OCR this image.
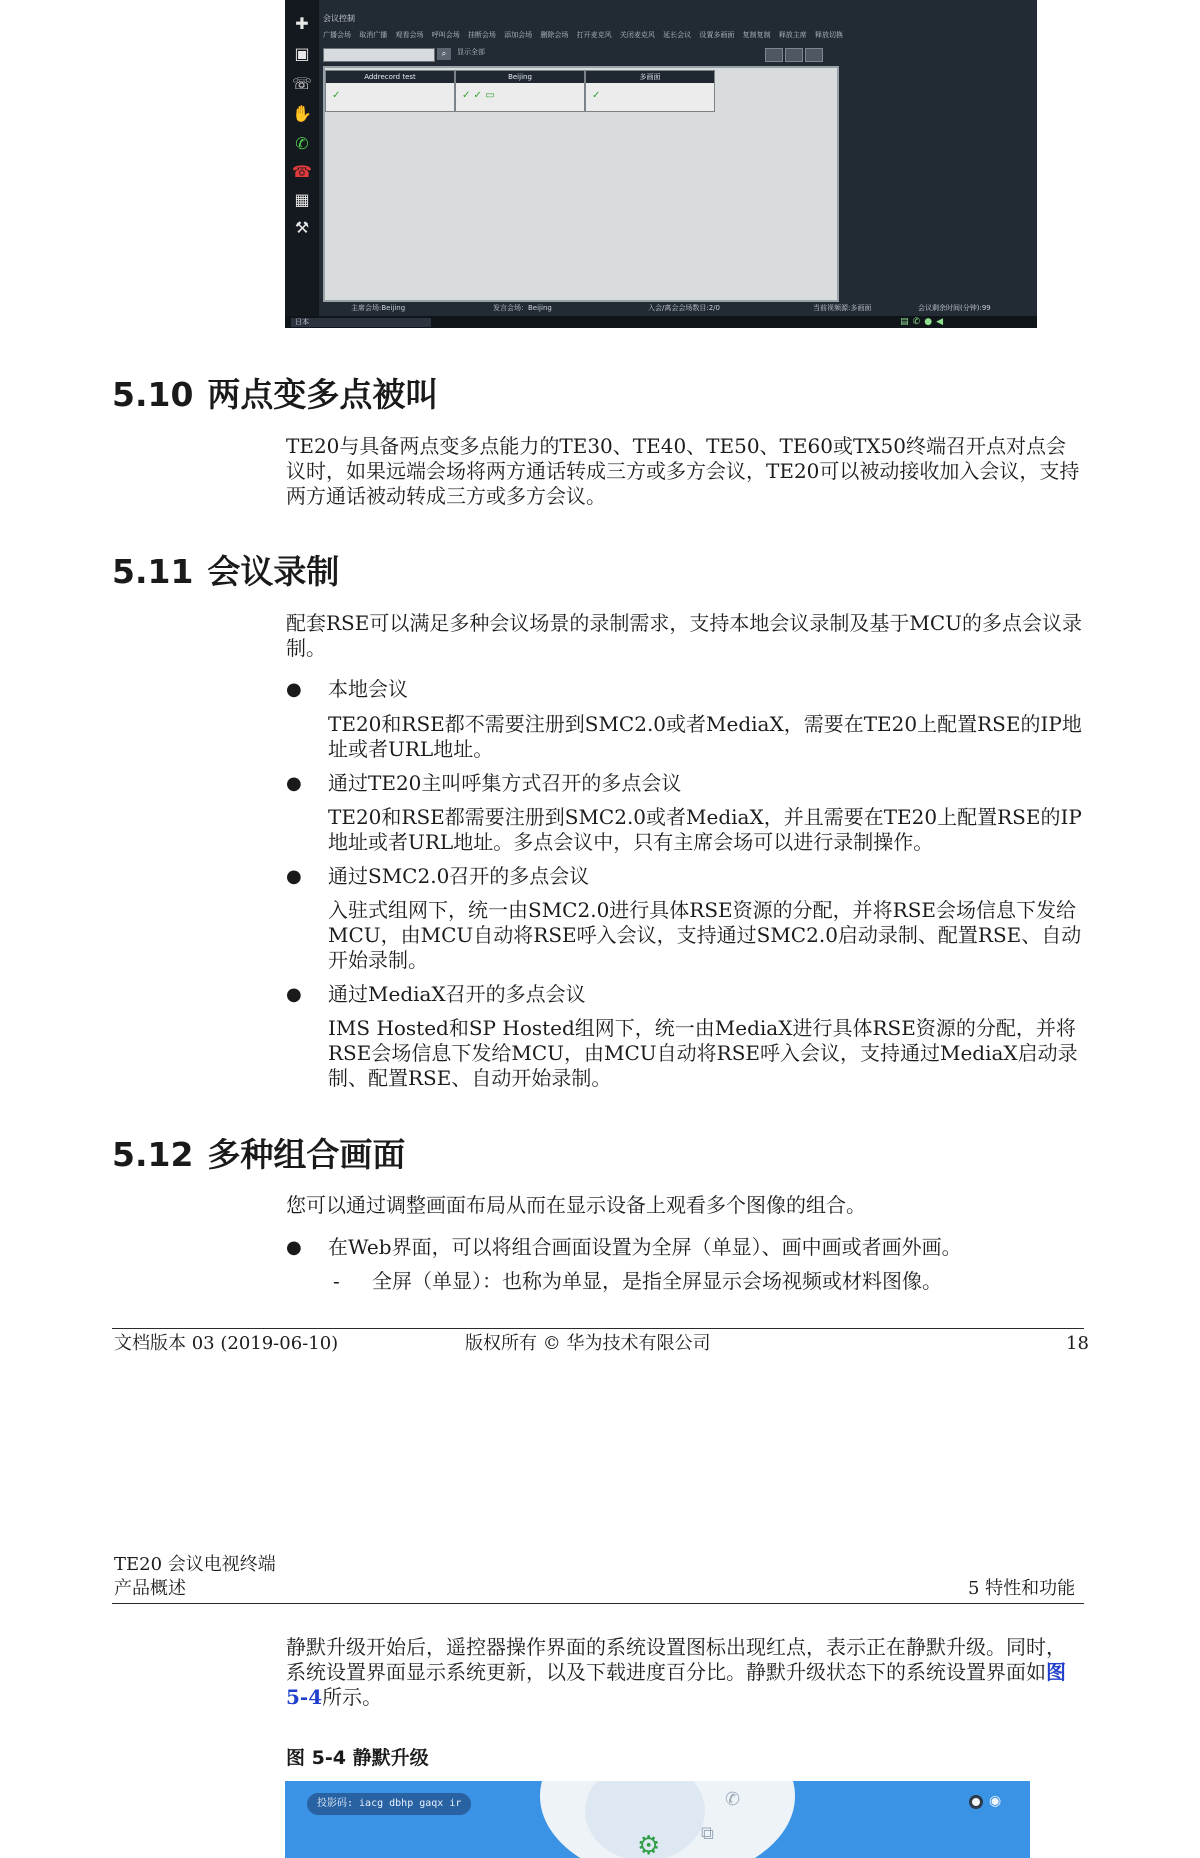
✚
▣
☏
✋
✆
☎
▦
⚒
会议控制
广播会场 取消广播 观看会场 呼叫会场 挂断会场 添加会场 删除会场 打开麦克风 关闭麦克风 延长会议 设置多画面 复制复制 释放主席 释放切换
⌕	显示全部
Addrecord test
✓
Beijing
✓ ✓ ▭
多画面
✓
主席会场:Beijing	发言会场：Beijing	入会/离会会场数目:2/0	当前视频源:多画面	会议剩余时间(分钟):99
日本	▤✆●◀
5.10 两点变多点被叫
TE20与具备两点变多点能力的TE30、TE40、TE50、TE60或TX50终端召开点对点会议时，如果远端会场将两方通话转成三方或多方会议，TE20可以被动接收加入会议，支持两方通话被动转成三方或多方会议。
5.11 会议录制
配套RSE可以满足多种会议场景的录制需求，支持本地会议录制及基于MCU的多点会议录制。
● 本地会议
TE20和RSE都不需要注册到SMC2.0或者MediaX，需要在TE20上配置RSE的IP地址或者URL地址。
● 通过TE20主叫呼集方式召开的多点会议
TE20和RSE都需要注册到SMC2.0或者MediaX，并且需要在TE20上配置RSE的IP地址或者URL地址。多点会议中，只有主席会场可以进行录制操作。
● 通过SMC2.0召开的多点会议
入驻式组网下，统一由SMC2.0进行具体RSE资源的分配，并将RSE会场信息下发给MCU，由MCU自动将RSE呼入会议，支持通过SMC2.0启动录制、配置RSE、自动开始录制。
● 通过MediaX召开的多点会议
IMS Hosted和SP Hosted组网下，统一由MediaX进行具体RSE资源的分配，并将RSE会场信息下发给MCU，由MCU自动将RSE呼入会议，支持通过MediaX启动录制、配置RSE、自动开始录制。
5.12 多种组合画面
您可以通过调整画面布局从而在显示设备上观看多个图像的组合。
● 在Web界面，可以将组合画面设置为全屏（单显）、画中画或者画外画。
- 全屏（单显）：也称为单显，是指全屏显示会场视频或材料图像。
文档版本 03 (2019-06-10)	版权所有 © 华为技术有限公司	18
TE20 会议电视终端
产品概述	5 特性和功能
静默升级开始后，遥控器操作界面的系统设置图标出现红点，表示正在静默升级。同时，系统设置界面显示系统更新，以及下载进度百分比。静默升级状态下的系统设置界面如图5-4所示。
图 5-4 静默升级
投影码: iacg dbhp gaqx ir	✆
⧉
⚙
◉
